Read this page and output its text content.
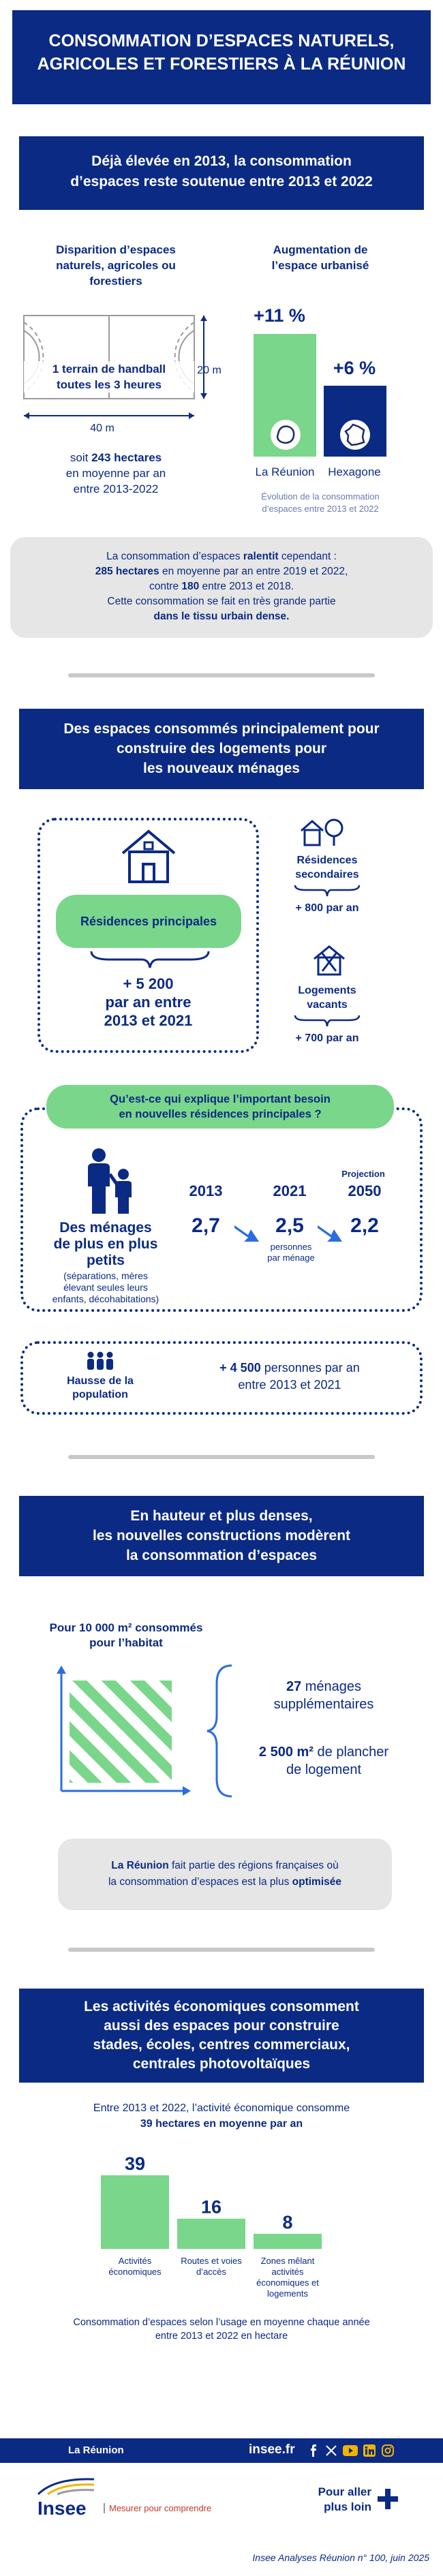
CONSOMMATION D’ESPACES NATURELS,
AGRICOLES ET FORESTIERS À LA RÉUNION
Déjà élevée en 2013, la consommation
d’espaces reste soutenue entre 2013 et 2022
Disparition d’espaces
naturels, agricoles ou
forestiers
1 terrain de handball
toutes les 3 heures
40 m
20 m
soit 243 hectares
en moyenne par an
entre 2013-2022
Augmentation de
l’espace urbanisé
+11 %
+6 %
La Réunion	Hexagone
Évolution de la consommation
d’espaces entre 2013 et 2022
La consommation d’espaces ralentit cependant :
285 hectares en moyenne par an entre 2019 et 2022,
contre 180 entre 2013 et 2018.
Cette consommation se fait en très grande partie
dans le tissu urbain dense.
Des espaces consommés principalement pour
construire des logements pour
les nouveaux ménages
Résidences principales
+ 5 200
par an entre
2013 et 2021
Résidences
secondaires
+ 800 par an
Logements
vacants
+ 700 par an
Qu’est-ce qui explique l’important besoin
en nouvelles résidences principales ?
Des ménages
de plus en plus
petits
(séparations, mères
élevant seules leurs
enfants, décohabitations)
2013	2021
Projection
2050
2,7	2,5	2,2
personnes
par ménage
Hausse de la
population
+ 4 500 personnes par an
entre 2013 et 2021
En hauteur et plus denses,
les nouvelles constructions modèrent
la consommation d’espaces
Pour 10 000 m² consommés
pour l’habitat
27 ménages
supplémentaires
2 500 m² de plancher
de logement
La Réunion fait partie des régions françaises où
la consommation d’espaces est la plus optimisée
Les activités économiques consomment
aussi des espaces pour construire
stades, écoles, centres commerciaux,
centrales photovoltaïques
Entre 2013 et 2022, l’activité économique consomme
39 hectares en moyenne par an
39
Activités
économiques
16
Routes et voies
d’accès
8
Zones mêlant
activités
économiques et
logements
Consommation d’espaces selon l’usage en moyenne chaque année
entre 2013 et 2022 en hectare
La Réunion	insee.fr
Insee	Mesurer pour comprendre
Pour aller
plus loin
Insee Analyses Réunion n° 100, juin 2025
